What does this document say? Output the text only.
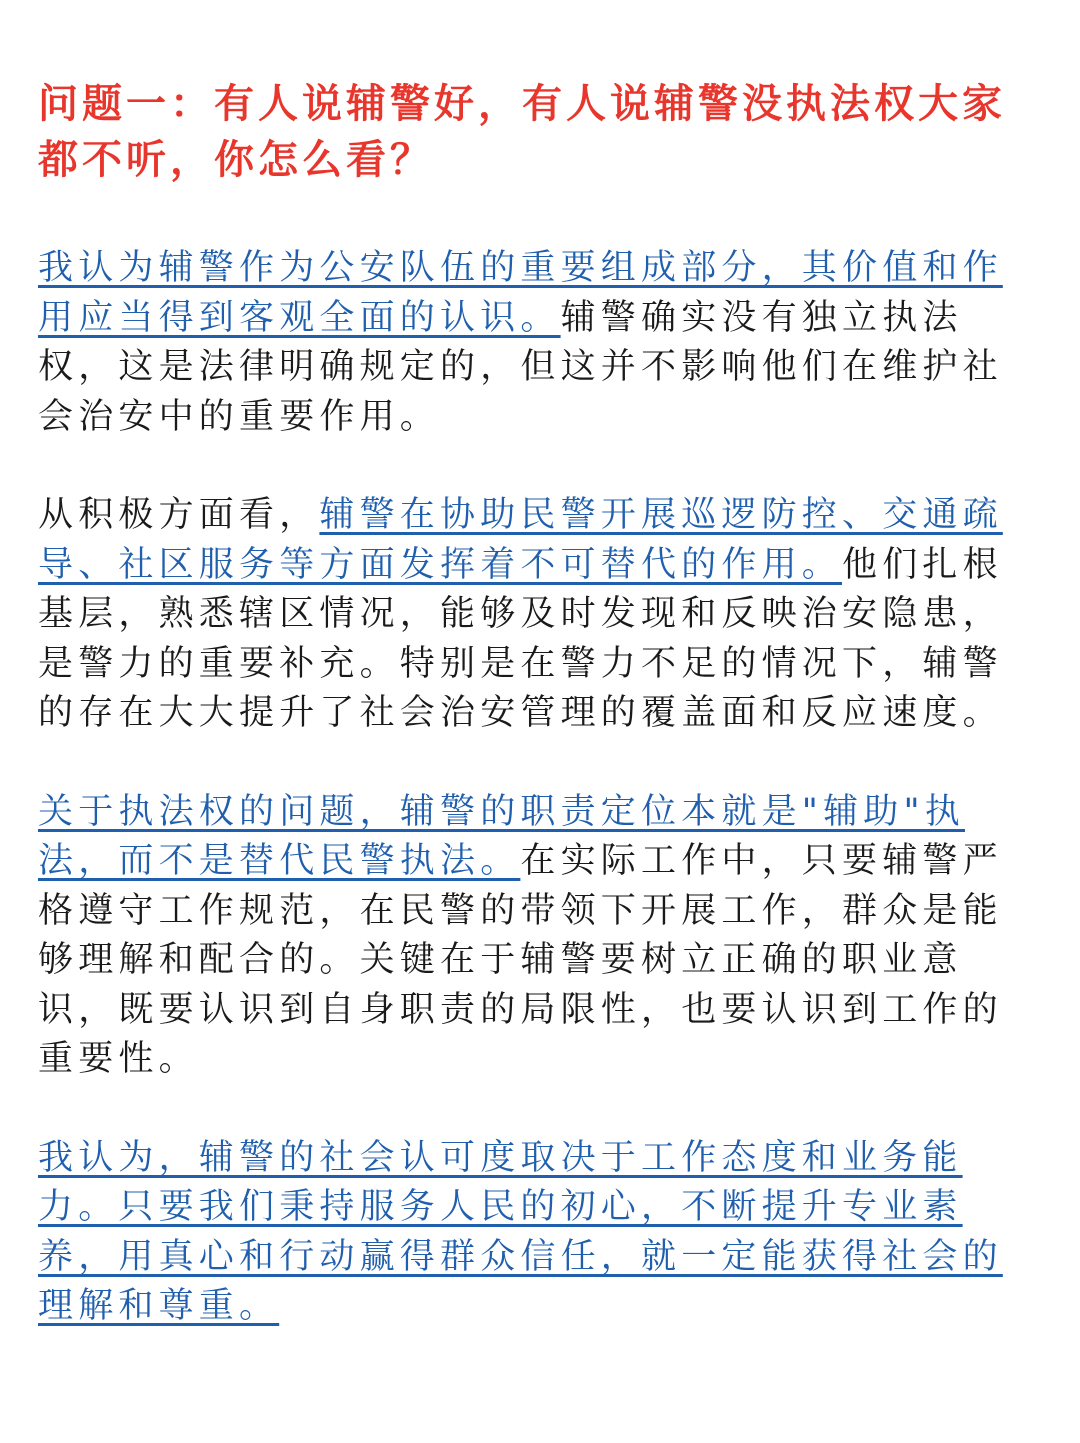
问题一：有人说辅警好，有人说辅警没执法权大家都不听，你怎么看？

我认为辅警作为公安队伍的重要组成部分，其价值和作用应当得到客观全面的认识。辅警确实没有独立执法权，这是法律明确规定的，但这并不影响他们在维护社会治安中的重要作用。

从积极方面看，辅警在协助民警开展巡逻防控、交通疏导、社区服务等方面发挥着不可替代的作用。他们扎根基层，熟悉辖区情况，能够及时发现和反映治安隐患，是警力的重要补充。特别是在警力不足的情况下，辅警的存在大大提升了社会治安管理的覆盖面和反应速度。

关于执法权的问题，辅警的职责定位本就是"辅助"执法，而不是替代民警执法。在实际工作中，只要辅警严格遵守工作规范，在民警的带领下开展工作，群众是能够理解和配合的。关键在于辅警要树立正确的职业意识，既要认识到自身职责的局限性，也要认识到工作的重要性。

我认为，辅警的社会认可度取决于工作态度和业务能力。只要我们秉持服务人民的初心，不断提升专业素养，用真心和行动赢得群众信任，就一定能获得社会的理解和尊重。
